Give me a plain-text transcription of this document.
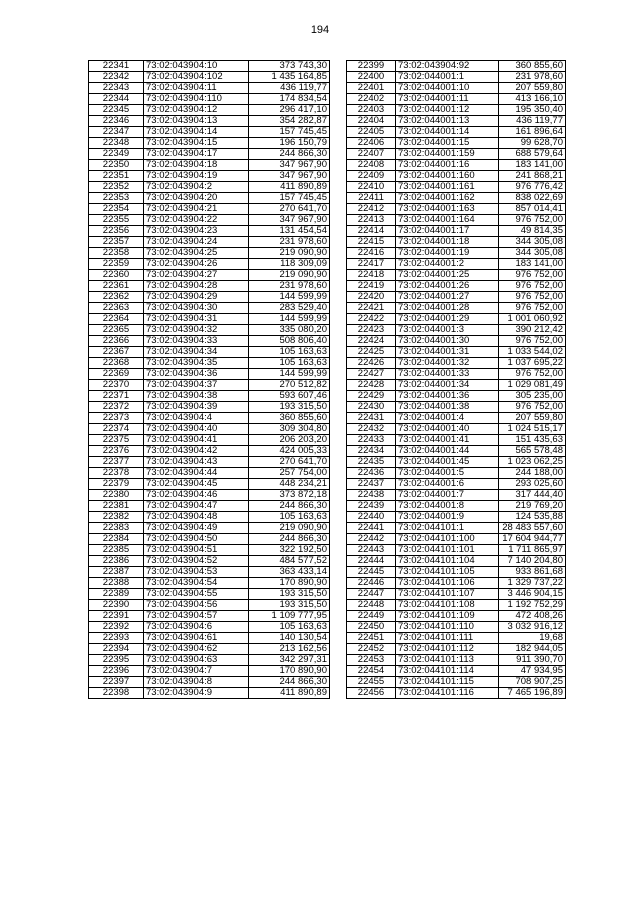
194
22341	73:02:043904:10	373 743,30
22342	73:02:043904:102	1 435 164,85
22343	73:02:043904:11	436 119,77
22344	73:02:043904:110	174 834,54
22345	73:02:043904:12	296 417,10
22346	73:02:043904:13	354 282,87
22347	73:02:043904:14	157 745,45
22348	73:02:043904:15	196 150,79
22349	73:02:043904:17	244 866,30
22350	73:02:043904:18	347 967,90
22351	73:02:043904:19	347 967,90
22352	73:02:043904:2	411 890,89
22353	73:02:043904:20	157 745,45
22354	73:02:043904:21	270 641,70
22355	73:02:043904:22	347 967,90
22356	73:02:043904:23	131 454,54
22357	73:02:043904:24	231 978,60
22358	73:02:043904:25	219 090,90
22359	73:02:043904:26	118 309,09
22360	73:02:043904:27	219 090,90
22361	73:02:043904:28	231 978,60
22362	73:02:043904:29	144 599,99
22363	73:02:043904:30	283 529,40
22364	73:02:043904:31	144 599,99
22365	73:02:043904:32	335 080,20
22366	73:02:043904:33	508 806,40
22367	73:02:043904:34	105 163,63
22368	73:02:043904:35	105 163,63
22369	73:02:043904:36	144 599,99
22370	73:02:043904:37	270 512,82
22371	73:02:043904:38	593 607,46
22372	73:02:043904:39	193 315,50
22373	73:02:043904:4	360 855,60
22374	73:02:043904:40	309 304,80
22375	73:02:043904:41	206 203,20
22376	73:02:043904:42	424 005,33
22377	73:02:043904:43	270 641,70
22378	73:02:043904:44	257 754,00
22379	73:02:043904:45	448 234,21
22380	73:02:043904:46	373 872,18
22381	73:02:043904:47	244 866,30
22382	73:02:043904:48	105 163,63
22383	73:02:043904:49	219 090,90
22384	73:02:043904:50	244 866,30
22385	73:02:043904:51	322 192,50
22386	73:02:043904:52	484 577,52
22387	73:02:043904:53	363 433,14
22388	73:02:043904:54	170 890,90
22389	73:02:043904:55	193 315,50
22390	73:02:043904:56	193 315,50
22391	73:02:043904:57	1 109 777,95
22392	73:02:043904:6	105 163,63
22393	73:02:043904:61	140 130,54
22394	73:02:043904:62	213 162,56
22395	73:02:043904:63	342 297,31
22396	73:02:043904:7	170 890,90
22397	73:02:043904:8	244 866,30
22398	73:02:043904:9	411 890,89
22399	73:02:043904:92	360 855,60
22400	73:02:044001:1	231 978,60
22401	73:02:044001:10	207 559,80
22402	73:02:044001:11	413 166,10
22403	73:02:044001:12	195 350,40
22404	73:02:044001:13	436 119,77
22405	73:02:044001:14	161 896,64
22406	73:02:044001:15	99 628,70
22407	73:02:044001:159	688 579,64
22408	73:02:044001:16	183 141,00
22409	73:02:044001:160	241 868,21
22410	73:02:044001:161	976 776,42
22411	73:02:044001:162	838 022,69
22412	73:02:044001:163	857 014,41
22413	73:02:044001:164	976 752,00
22414	73:02:044001:17	49 814,35
22415	73:02:044001:18	344 305,08
22416	73:02:044001:19	344 305,08
22417	73:02:044001:2	183 141,00
22418	73:02:044001:25	976 752,00
22419	73:02:044001:26	976 752,00
22420	73:02:044001:27	976 752,00
22421	73:02:044001:28	976 752,00
22422	73:02:044001:29	1 001 060,92
22423	73:02:044001:3	390 212,42
22424	73:02:044001:30	976 752,00
22425	73:02:044001:31	1 033 544,02
22426	73:02:044001:32	1 037 695,22
22427	73:02:044001:33	976 752,00
22428	73:02:044001:34	1 029 081,49
22429	73:02:044001:36	305 235,00
22430	73:02:044001:38	976 752,00
22431	73:02:044001:4	207 559,80
22432	73:02:044001:40	1 024 515,17
22433	73:02:044001:41	151 435,63
22434	73:02:044001:44	565 578,48
22435	73:02:044001:45	1 023 062,25
22436	73:02:044001:5	244 188,00
22437	73:02:044001:6	293 025,60
22438	73:02:044001:7	317 444,40
22439	73:02:044001:8	219 769,20
22440	73:02:044001:9	124 535,88
22441	73:02:044101:1	28 483 557,60
22442	73:02:044101:100	17 604 944,77
22443	73:02:044101:101	1 711 865,97
22444	73:02:044101:104	7 140 204,80
22445	73:02:044101:105	933 861,68
22446	73:02:044101:106	1 329 737,22
22447	73:02:044101:107	3 446 904,15
22448	73:02:044101:108	1 192 752,29
22449	73:02:044101:109	472 408,26
22450	73:02:044101:110	3 032 916,12
22451	73:02:044101:111	19,68
22452	73:02:044101:112	182 944,05
22453	73:02:044101:113	911 390,70
22454	73:02:044101:114	47 934,95
22455	73:02:044101:115	708 907,25
22456	73:02:044101:116	7 465 196,89
